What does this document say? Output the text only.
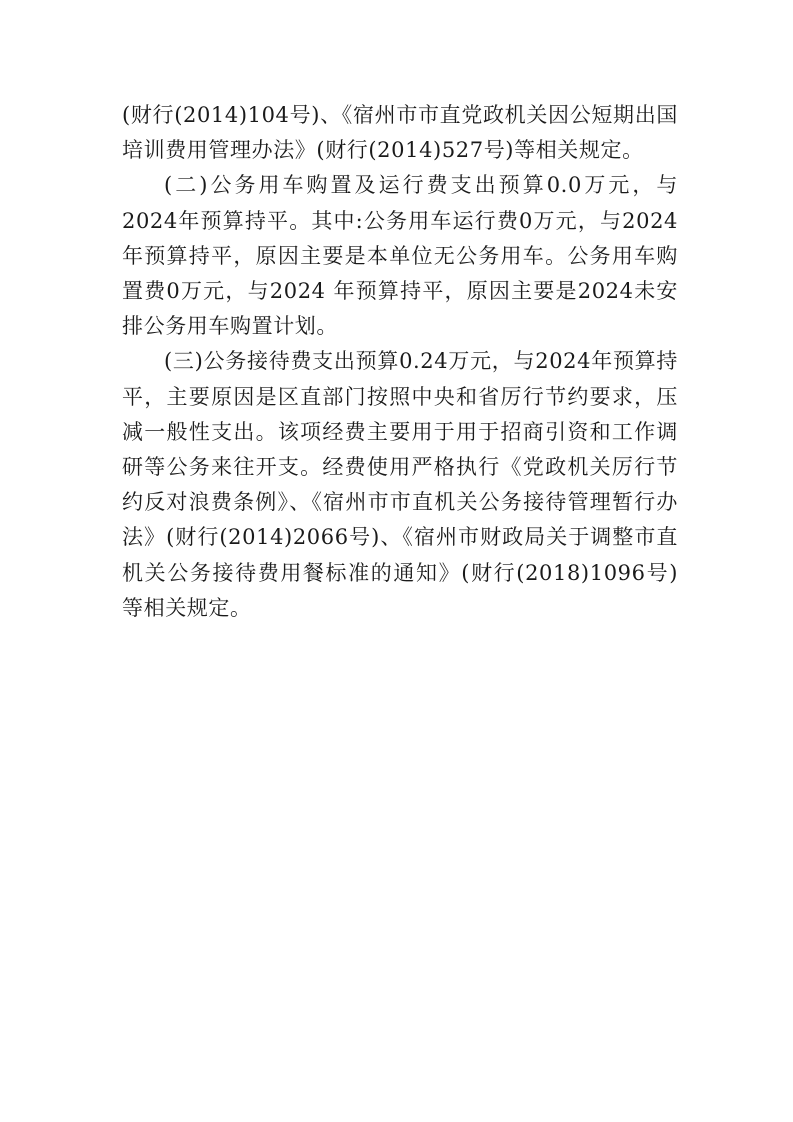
(财行(2014)104号)、《宿州市市直党政机关因公短期出国培训费用管理办法》(财行(2014)527号)等相关规定。

(二)公务用车购置及运行费支出预算0.0万元，与2024年预算持平。其中:公务用车运行费0万元，与2024年预算持平，原因主要是本单位无公务用车。公务用车购置费0万元，与2024 年预算持平，原因主要是2024未安排公务用车购置计划。

(三)公务接待费支出预算0.24万元，与2024年预算持平，主要原因是区直部门按照中央和省厉行节约要求，压减一般性支出。该项经费主要用于用于招商引资和工作调研等公务来往开支。经费使用严格执行《党政机关厉行节约反对浪费条例》、《宿州市市直机关公务接待管理暂行办法》(财行(2014)2066号)、《宿州市财政局关于调整市直机关公务接待费用餐标准的通知》(财行(2018)1096号)等相关规定。
